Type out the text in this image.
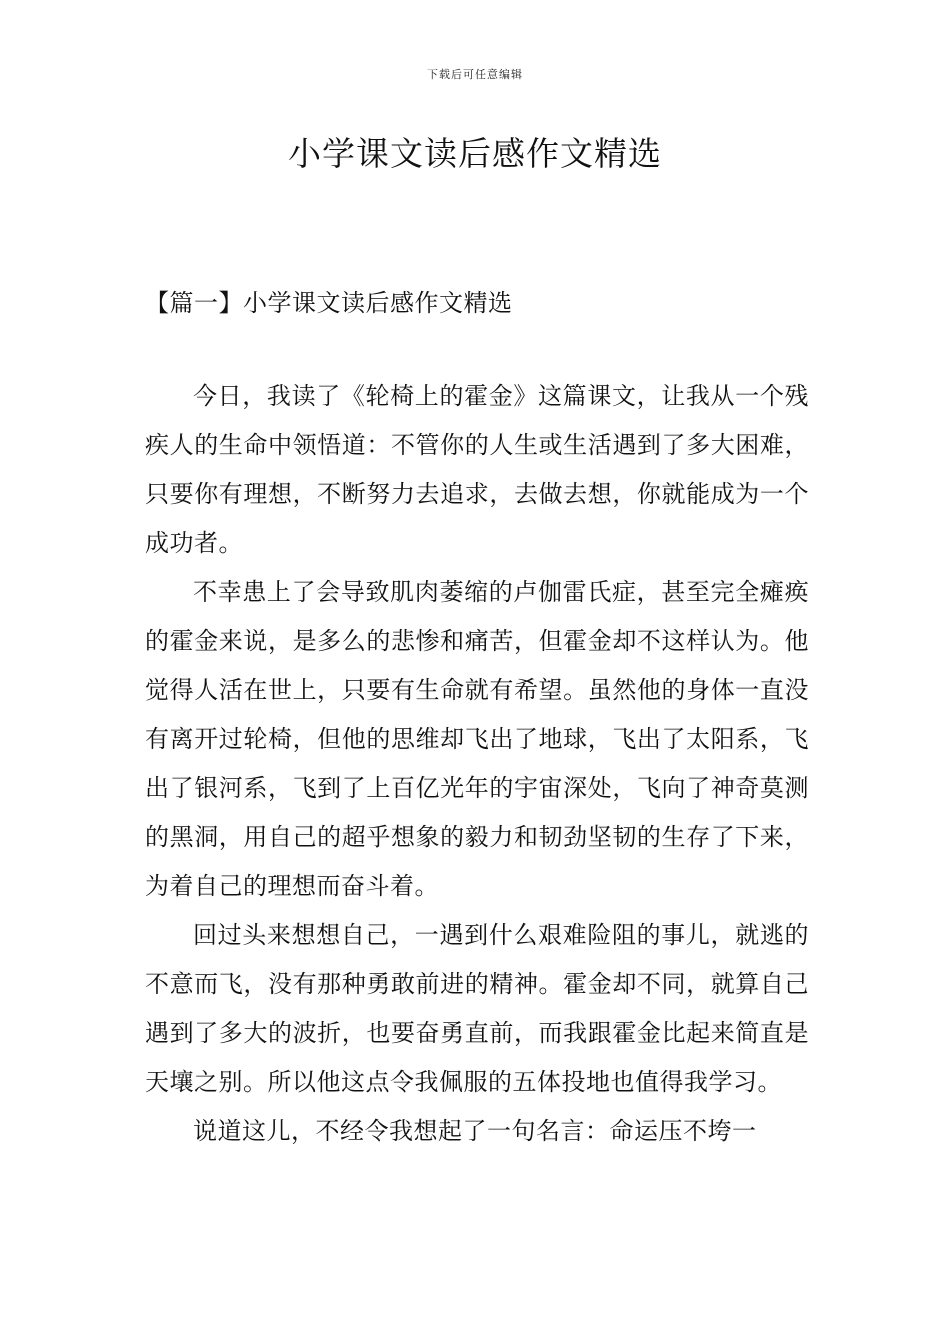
下载后可任意编辑
小学课文读后感作文精选
【篇一】小学课文读后感作文精选

今日，我读了《轮椅上的霍金》这篇课文，让我从一个残疾人的生命中领悟道：不管你的人生或生活遇到了多大困难，只要你有理想，不断努力去追求，去做去想，你就能成为一个成功者。

不幸患上了会导致肌肉萎缩的卢伽雷氏症，甚至完全瘫痪的霍金来说，是多么的悲惨和痛苦，但霍金却不这样认为。他觉得人活在世上，只要有生命就有希望。虽然他的身体一直没有离开过轮椅，但他的思维却飞出了地球，飞出了太阳系，飞出了银河系，飞到了上百亿光年的宇宙深处，飞向了神奇莫测的黑洞，用自己的超乎想象的毅力和韧劲坚韧的生存了下来，为着自己的理想而奋斗着。

回过头来想想自己，一遇到什么艰难险阻的事儿，就逃的不意而飞，没有那种勇敢前进的精神。霍金却不同，就算自己遇到了多大的波折，也要奋勇直前，而我跟霍金比起来简直是天壤之别。所以他这点令我佩服的五体投地也值得我学习。

说道这儿，不经令我想起了一句名言：命运压不垮一
